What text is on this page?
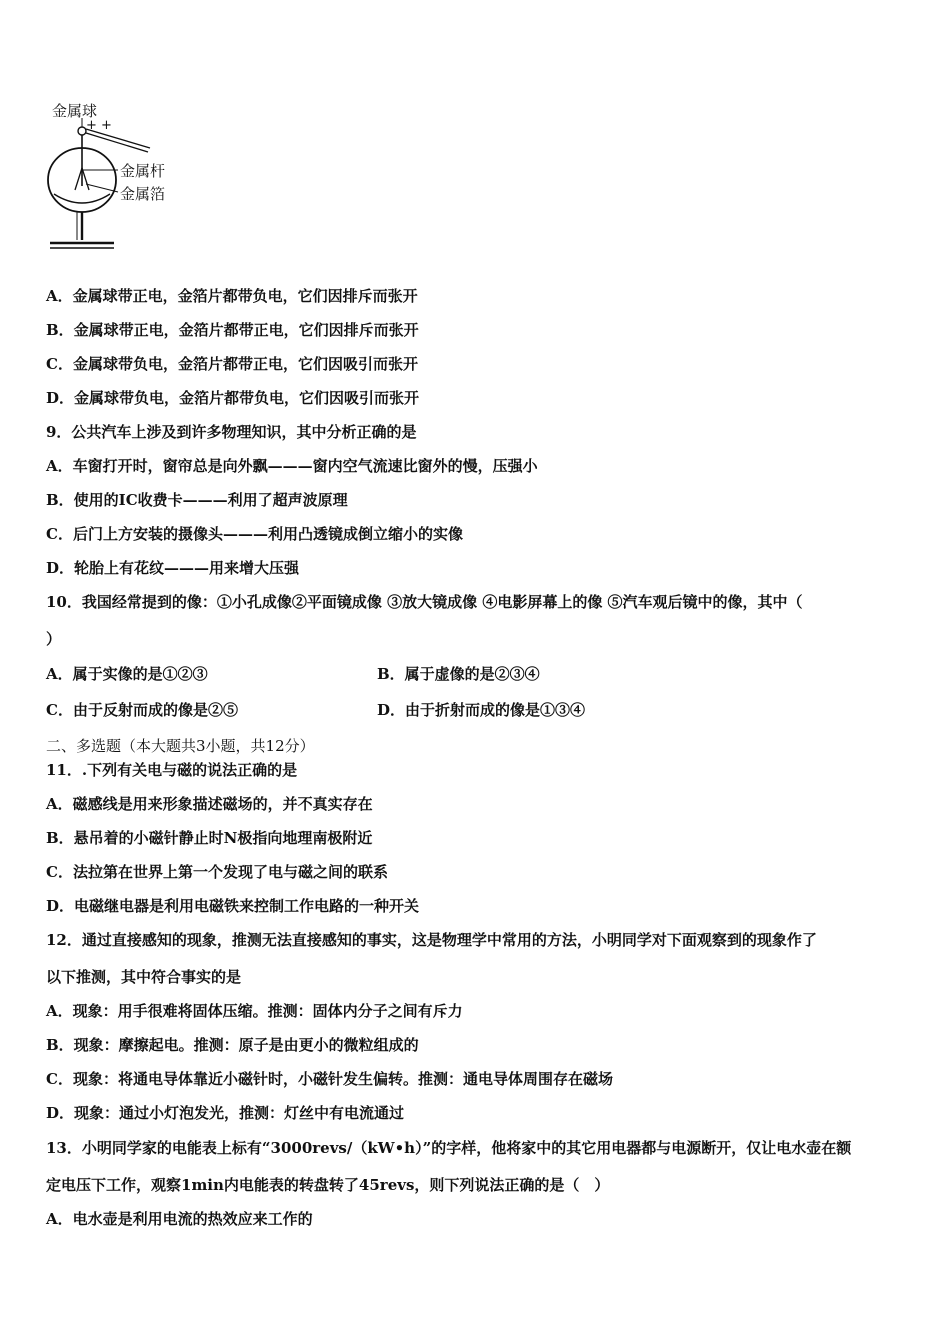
金属球
+ +
金属杆
金属箔
A．金属球带正电，金箔片都带负电，它们因排斥而张开
B．金属球带正电，金箔片都带正电，它们因排斥而张开
C．金属球带负电，金箔片都带正电，它们因吸引而张开
D．金属球带负电，金箔片都带负电，它们因吸引而张开
9．公共汽车上涉及到许多物理知识，其中分析正确的是
A．车窗打开时，窗帘总是向外飘———窗内空气流速比窗外的慢，压强小
B．使用的IC收费卡———利用了超声波原理
C．后门上方安装的摄像头———利用凸透镜成倒立缩小的实像
D．轮胎上有花纹———用来增大压强
10．我国经常提到的像：①小孔成像②平面镜成像 ③放大镜成像 ④电影屏幕上的像 ⑤汽车观后镜中的像，其中（
）
A．属于实像的是①②③	B．属于虚像的是②③④
C．由于反射而成的像是②⑤	D．由于折射而成的像是①③④
二、多选题（本大题共3小题，共12分）
11．.下列有关电与磁的说法正确的是
A．磁感线是用来形象描述磁场的，并不真实存在
B．悬吊着的小磁针静止时N极指向地理南极附近
C．法拉第在世界上第一个发现了电与磁之间的联系
D．电磁继电器是利用电磁铁来控制工作电路的一种开关
12．通过直接感知的现象，推测无法直接感知的事实，这是物理学中常用的方法，小明同学对下面观察到的现象作了
以下推测，其中符合事实的是
A．现象：用手很难将固体压缩。推测：固体内分子之间有斥力
B．现象：摩擦起电。推测：原子是由更小的微粒组成的
C．现象：将通电导体靠近小磁针时，小磁针发生偏转。推测：通电导体周围存在磁场
D．现象：通过小灯泡发光，推测：灯丝中有电流通过
13．小明同学家的电能表上标有“3000revs/（kW•h）”的字样，他将家中的其它用电器都与电源断开，仅让电水壶在额
定电压下工作，观察1min内电能表的转盘转了45revs，则下列说法正确的是（　）
A．电水壶是利用电流的热效应来工作的
